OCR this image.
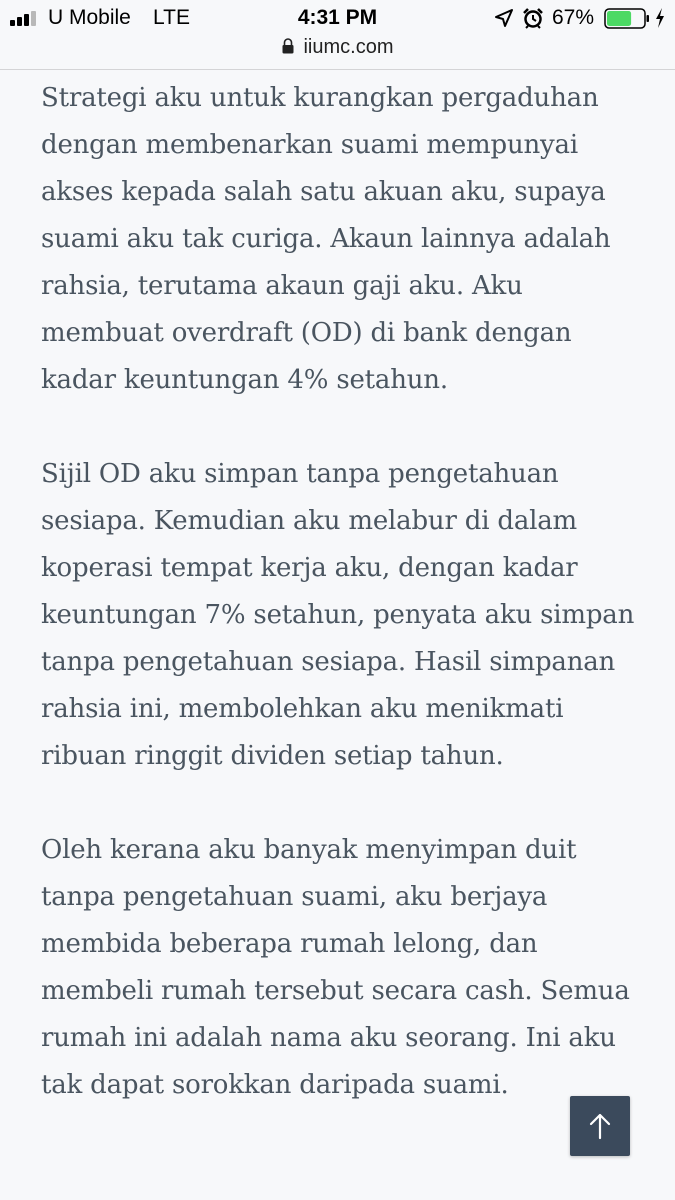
U Mobile LTE	4:31 PM	67%
iiumc.com

Strategi aku untuk kurangkan pergaduhan dengan membenarkan suami mempunyai akses kepada salah satu akuan aku, supaya suami aku tak curiga. Akaun lainnya adalah rahsia, terutama akaun gaji aku. Aku membuat overdraft (OD) di bank dengan kadar keuntungan 4% setahun.

Sijil OD aku simpan tanpa pengetahuan sesiapa. Kemudian aku melabur di dalam koperasi tempat kerja aku, dengan kadar keuntungan 7% setahun, penyata aku simpan tanpa pengetahuan sesiapa. Hasil simpanan rahsia ini, membolehkan aku menikmati ribuan ringgit dividen setiap tahun.

Oleh kerana aku banyak menyimpan duit tanpa pengetahuan suami, aku berjaya membida beberapa rumah lelong, dan membeli rumah tersebut secara cash. Semua rumah ini adalah nama aku seorang. Ini aku tak dapat sorokkan daripada suami.
